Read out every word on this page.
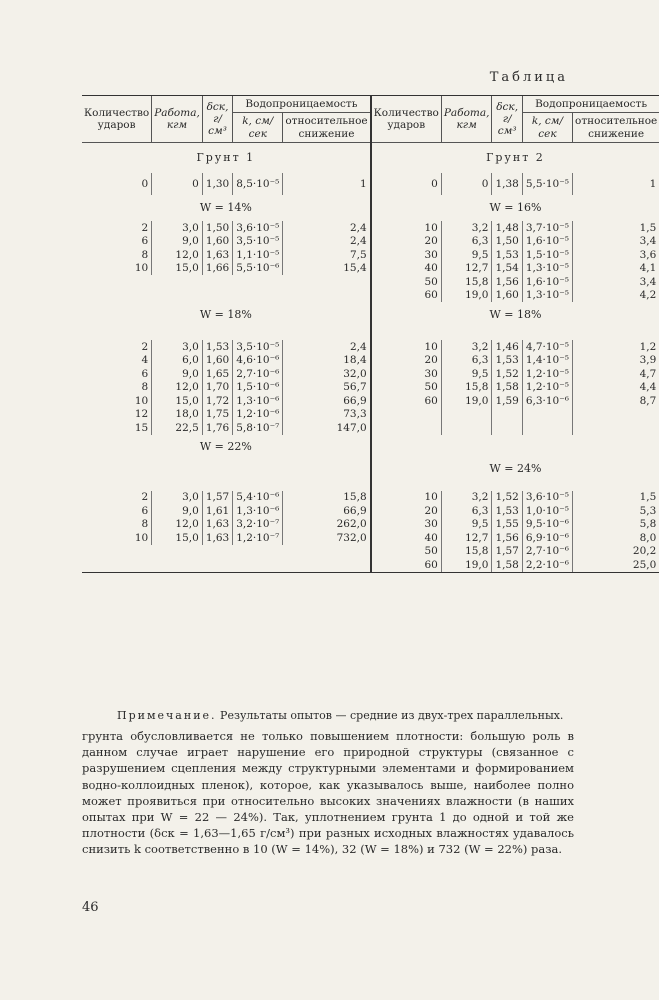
Таблица
Количество ударов	Работа, кгм	δск, г/см³	Водопроницаемость		Количество ударов	Работа, кгм	δск, г/см³	Водопроницаемость	
			k, см/сек	относительное снижение				k, см/сек	относительное снижение
Грунт 1					Грунт 2				
0	0	1,30	8,5·10⁻⁵	1	0	0	1,38	5,5·10⁻⁵	1
W = 14%					W = 16%				
2	3,0	1,50	3,6·10⁻⁵	2,4	10	3,2	1,48	3,7·10⁻⁵	1,5
6	9,0	1,60	3,5·10⁻⁵	2,4	20	6,3	1,50	1,6·10⁻⁵	3,4
8	12,0	1,63	1,1·10⁻⁵	7,5	30	9,5	1,53	1,5·10⁻⁵	3,6
10	15,0	1,66	5,5·10⁻⁶	15,4	40	12,7	1,54	1,3·10⁻⁵	4,1
					50	15,8	1,56	1,6·10⁻⁵	3,4
					60	19,0	1,60	1,3·10⁻⁵	4,2
W = 18%					W = 18%				

2	3,0	1,53	3,5·10⁻⁵	2,4	10	3,2	1,46	4,7·10⁻⁵	1,2
4	6,0	1,60	4,6·10⁻⁶	18,4	20	6,3	1,53	1,4·10⁻⁵	3,9
6	9,0	1,65	2,7·10⁻⁶	32,0	30	9,5	1,52	1,2·10⁻⁵	4,7
8	12,0	1,70	1,5·10⁻⁶	56,7	50	15,8	1,58	1,2·10⁻⁵	4,4
10	15,0	1,72	1,3·10⁻⁶	66,9	60	19,0	1,59	6,3·10⁻⁶	8,7
12	18,0	1,75	1,2·10⁻⁶	73,3					
15	22,5	1,76	5,8·10⁻⁷	147,0					
W = 22%									
					W = 24%				

2	3,0	1,57	5,4·10⁻⁶	15,8	10	3,2	1,52	3,6·10⁻⁵	1,5
6	9,0	1,61	1,3·10⁻⁶	66,9	20	6,3	1,53	1,0·10⁻⁵	5,3
8	12,0	1,63	3,2·10⁻⁷	262,0	30	9,5	1,55	9,5·10⁻⁶	5,8
10	15,0	1,63	1,2·10⁻⁷	732,0	40	12,7	1,56	6,9·10⁻⁶	8,0
					50	15,8	1,57	2,7·10⁻⁶	20,2
					60	19,0	1,58	2,2·10⁻⁶	25,0
Примечание. Результаты опытов — средние из двух-трех параллельных.
грунта обусловливается не только повышением плотности: большую роль в данном случае играет нарушение его природной структуры (связанное с разрушением сцепления между структурными элементами и формированием водно-коллоидных пленок), которое, как указывалось выше, наиболее полно может проявиться при относительно высоких значениях влажности (в наших опытах при W = 22 — 24%). Так, уплотнением грунта 1 до одной и той же плотности (δск = 1,63—1,65 г/см³) при разных исходных влажностях удавалось снизить k соответственно в 10 (W = 14%), 32 (W = 18%) и 732 (W = 22%) раза.
46
